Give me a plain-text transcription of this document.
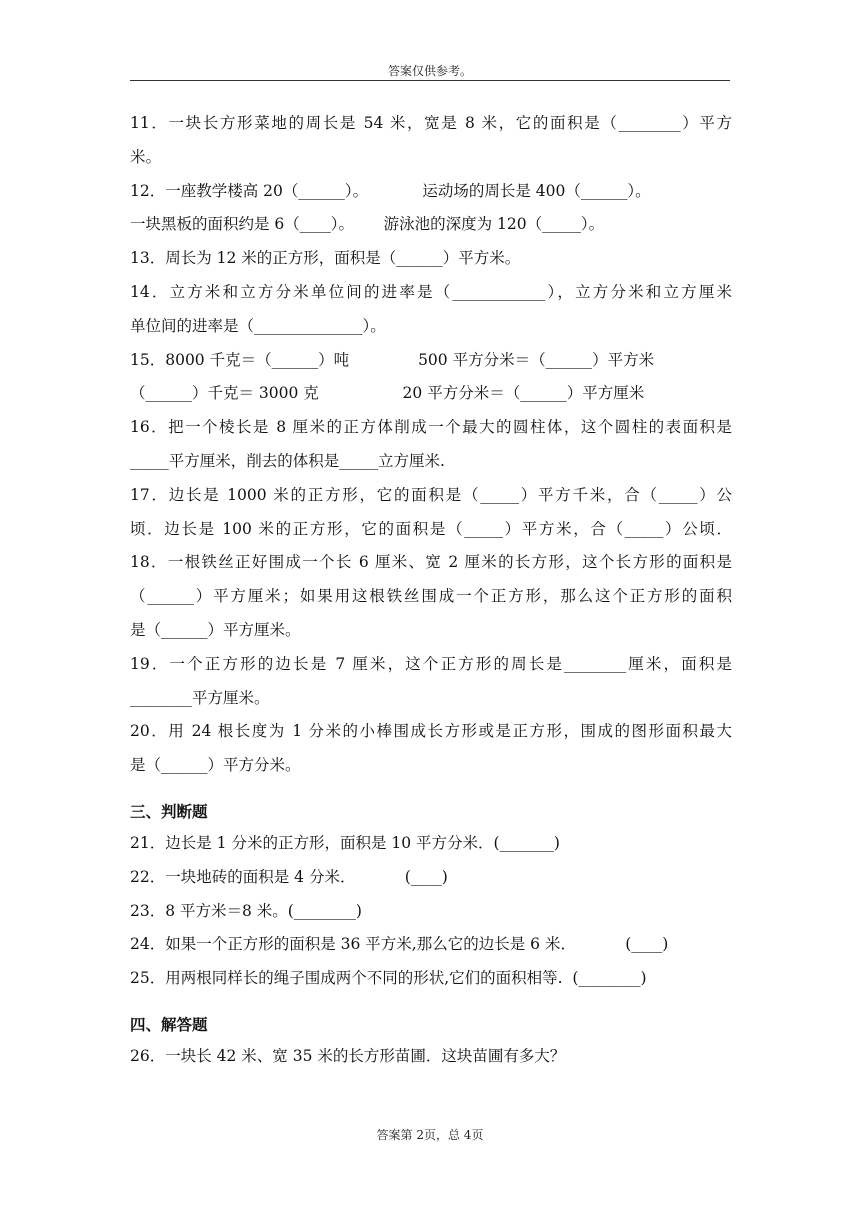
答案仅供参考。
11．一块长方形菜地的周长是 54 米，宽是 8 米，它的面积是（________）平方
米。
12．一座教学楼高 20（______）。           运动场的周长是 400（______）。
一块黑板的面积约是 6（____）。      游泳池的深度为 120（_____）。
13．周长为 12 米的正方形，面积是（______）平方米。
14．立方米和立方分米单位间的进率是（____________），立方分米和立方厘米
单位间的进率是（______________）。
15．8000 千克＝（______）吨              500 平方分米＝（______）平方米
（______）千克＝ 3000 克                 20 平方分米＝（______）平方厘米
16．把一个棱长是 8 厘米的正方体削成一个最大的圆柱体，这个圆柱的表面积是
_____平方厘米，削去的体积是_____立方厘米.
17．边长是 1000 米的正方形，它的面积是（_____）平方千米，合（_____）公
顷．边长是 100 米的正方形，它的面积是（_____）平方米，合（_____）公顷．
18．一根铁丝正好围成一个长 6 厘米、宽 2 厘米的长方形，这个长方形的面积是
（______）平方厘米；如果用这根铁丝围成一个正方形，那么这个正方形的面积
是（______）平方厘米。
19．一个正方形的边长是 7 厘米，这个正方形的周长是________厘米，面积是
________平方厘米。
20．用 24 根长度为 1 分米的小棒围成长方形或是正方形，围成的图形面积最大
是（______）平方分米。
三、判断题
21．边长是 1 分米的正方形，面积是 10 平方分米．(_______)
22．一块地砖的面积是 4 分米．          (____)
23．8 平方米＝8 米。(________)
24．如果一个正方形的面积是 36 平方米,那么它的边长是 6 米．          (____)
25．用两根同样长的绳子围成两个不同的形状,它们的面积相等.  (________)
四、解答题
26．一块长 42 米、宽 35 米的长方形苗圃．这块苗圃有多大？
答案第 2页，总 4页
